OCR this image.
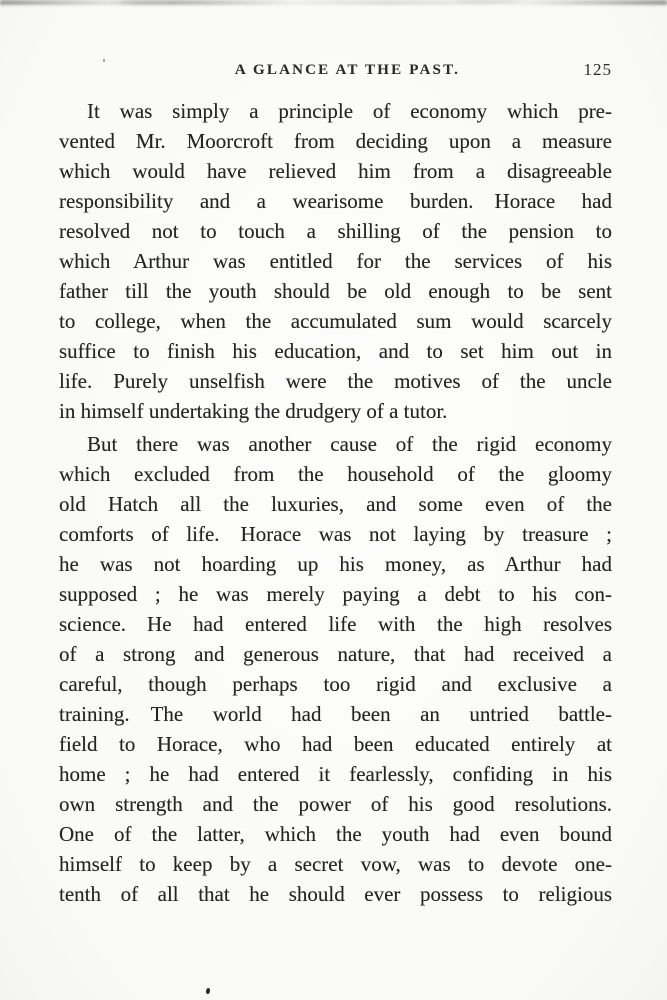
A GLANCE AT THE PAST.	125
It was simply a principle of economy which pre-
vented Mr. Moorcroft from deciding upon a measure
which would have relieved him from a disagreeable
responsibility and a wearisome burden. Horace had
resolved not to touch a shilling of the pension to
which Arthur was entitled for the services of his
father till the youth should be old enough to be sent
to college, when the accumulated sum would scarcely
suffice to finish his education, and to set him out in
life. Purely unselfish were the motives of the uncle
in himself undertaking the drudgery of a tutor.
But there was another cause of the rigid economy
which excluded from the household of the gloomy
old Hatch all the luxuries, and some even of the
comforts of life. Horace was not laying by treasure ;
he was not hoarding up his money, as Arthur had
supposed ; he was merely paying a debt to his con-
science. He had entered life with the high resolves
of a strong and generous nature, that had received a
careful, though perhaps too rigid and exclusive a
training. The world had been an untried battle-
field to Horace, who had been educated entirely at
home ; he had entered it fearlessly, confiding in his
own strength and the power of his good resolutions.
One of the latter, which the youth had even bound
himself to keep by a secret vow, was to devote one-
tenth of all that he should ever possess to religious
